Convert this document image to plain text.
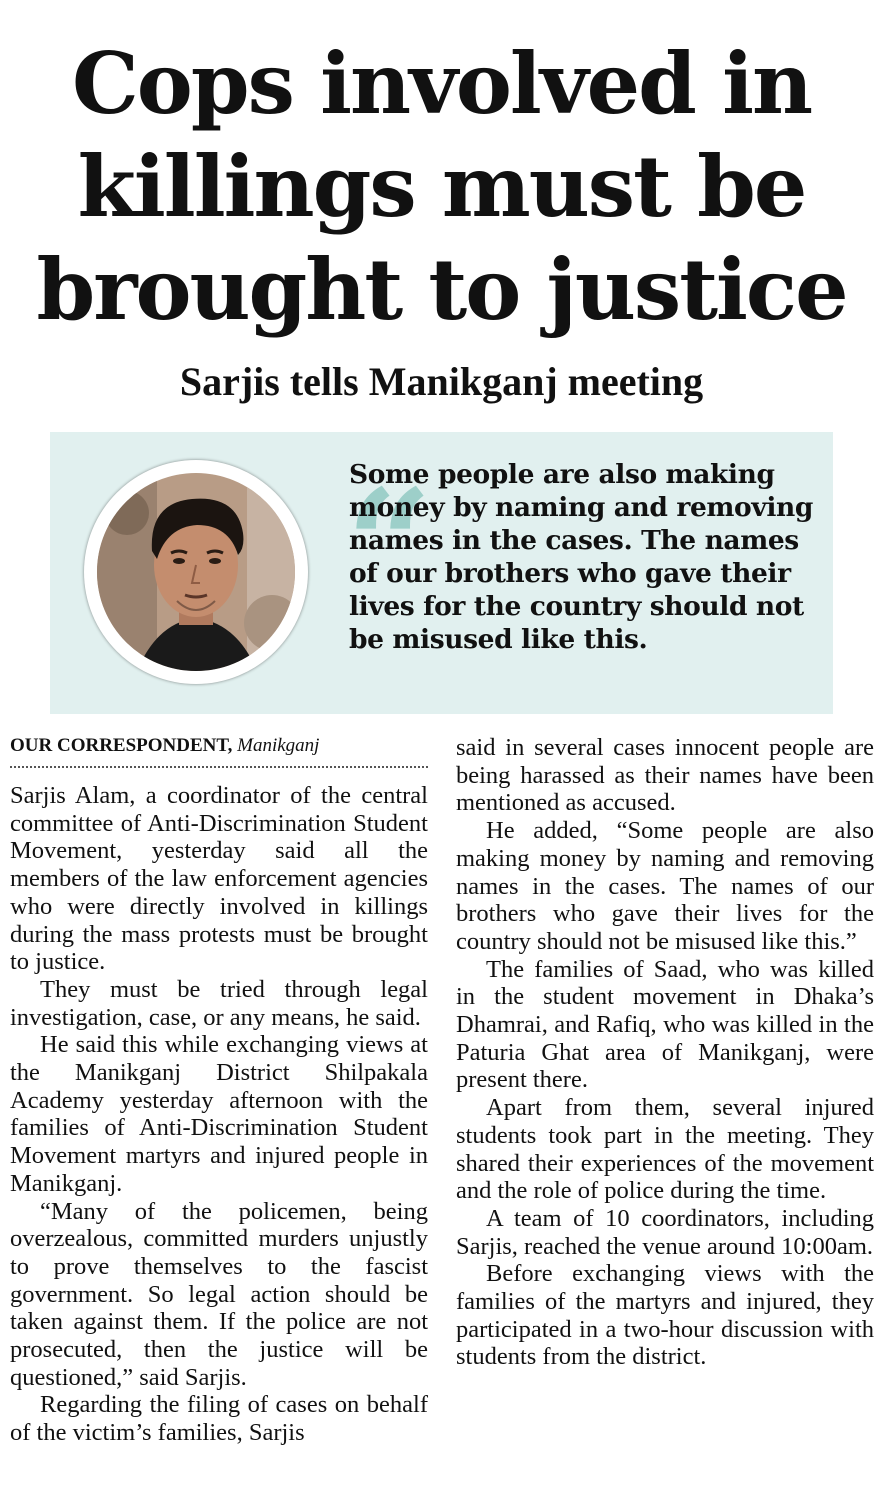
Cops involved in killings must be brought to justice
Sarjis tells Manikganj meeting
“

Some people are also making money by naming and removing names in the cases. The names of our brothers who gave their lives for the country should not be misused like this.

OUR CORRESPONDENT, Manikganj

Sarjis Alam, a coordinator of the central committee of Anti-Discrimination Student Movement, yesterday said all the members of the law enforcement agencies who were directly involved in killings during the mass protests must be brought to justice.

They must be tried through legal investigation, case, or any means, he said.

He said this while exchanging views at the Manikganj District Shilpakala Academy yesterday afternoon with the families of Anti-Discrimination Student Movement martyrs and injured people in Manikganj.

“Many of the policemen, being overzealous, committed murders unjustly to prove themselves to the fascist government. So legal action should be taken against them. If the police are not prosecuted, then the justice will be questioned,” said Sarjis.

Regarding the filing of cases on behalf of the victim’s families, Sarjis

said in several cases innocent people are being harassed as their names have been mentioned as accused.

He added, “Some people are also making money by naming and removing names in the cases. The names of our brothers who gave their lives for the country should not be misused like this.”

The families of Saad, who was killed in the student movement in Dhaka’s Dhamrai, and Rafiq, who was killed in the Paturia Ghat area of Manikganj, were present there.

Apart from them, several injured students took part in the meeting. They shared their experiences of the movement and the role of police during the time.

A team of 10 coordinators, including Sarjis, reached the venue around 10:00am.

Before exchanging views with the families of the martyrs and injured, they participated in a two-hour discussion with students from the district.
